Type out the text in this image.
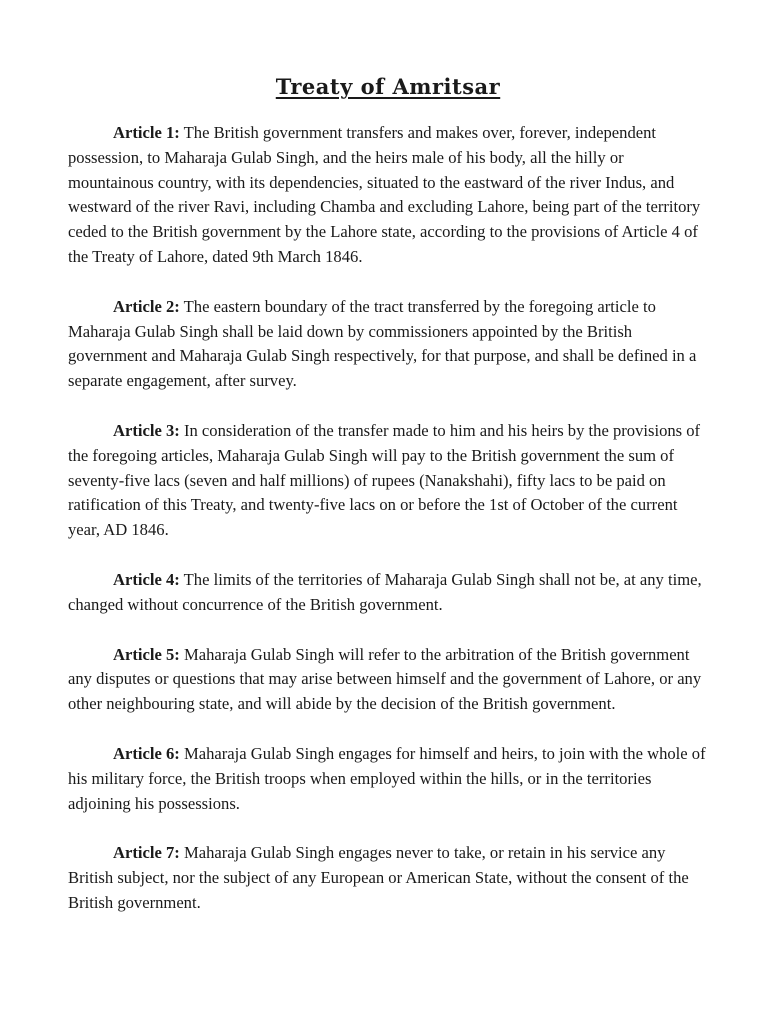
Treaty of Amritsar

Article 1: The British government transfers and makes over, forever, independent possession, to Maharaja Gulab Singh, and the heirs male of his body, all the hilly or mountainous country, with its dependencies, situated to the eastward of the river Indus, and westward of the river Ravi, including Chamba and excluding Lahore, being part of the territory ceded to the British government by the Lahore state, according to the provisions of Article 4 of the Treaty of Lahore, dated 9th March 1846.

Article 2: The eastern boundary of the tract transferred by the foregoing article to Maharaja Gulab Singh shall be laid down by commissioners appointed by the British government and Maharaja Gulab Singh respectively, for that purpose, and shall be defined in a separate engagement, after survey.

Article 3: In consideration of the transfer made to him and his heirs by the provisions of the foregoing articles, Maharaja Gulab Singh will pay to the British government the sum of seventy-five lacs (seven and half millions) of rupees (Nanakshahi), fifty lacs to be paid on ratification of this Treaty, and twenty-five lacs on or before the 1st of October of the current year, AD 1846.

Article 4: The limits of the territories of Maharaja Gulab Singh shall not be, at any time, changed without concurrence of the British government.

Article 5: Maharaja Gulab Singh will refer to the arbitration of the British government any disputes or questions that may arise between himself and the government of Lahore, or any other neighbouring state, and will abide by the decision of the British government.

Article 6: Maharaja Gulab Singh engages for himself and heirs, to join with the whole of his military force, the British troops when employed within the hills, or in the territories adjoining his possessions.

Article 7: Maharaja Gulab Singh engages never to take, or retain in his service any British subject, nor the subject of any European or American State, without the consent of the British government.
